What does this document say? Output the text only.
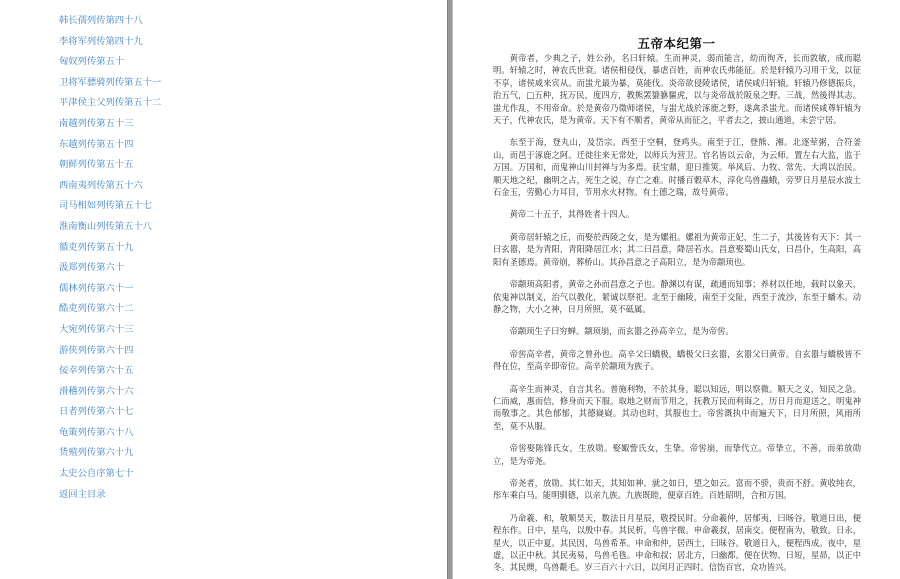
韩长孺列传第四十八
李将军列传第四十九
匈奴列传第五十
卫将军骠骑列传第五十一
平津侯主父列传第五十二
南越列传第五十三
东越列传第五十四
朝鲜列传第五十五
西南夷列传第五十六
司马相如列传第五十七
淮南衡山列传第五十八
循吏列传第五十九
汲郑列传第六十
儒林列传第六十一
酷吏列传第六十二
大宛列传第六十三
游侠列传第六十四
佞幸列传第六十五
滑稽列传第六十六
日者列传第六十七
龟策列传第六十八
货殖列传第六十九
太史公自序第七十
返回主目录
五帝本纪第一

黄帝者，少典之子，姓公孙，名曰轩辕。生而神灵，弱而能言，幼而徇齐，长而敦敏，成而聪明。轩辕之时，神农氏世衰。诸侯相侵伐，暴虐百姓，而神农氏弗能征。於是轩辕乃习用干戈，以征不享，诸侯咸来宾从。而蚩尤最为暴，莫能伐。炎帝欲侵陵诸侯，诸侯咸归轩辕。轩辕乃修德振兵，治五气，□五种，抚万民，度四方，教熊罴貔貅貙虎，以与炎帝战於阪泉之野。三战，然後得其志。蚩尤作乱，不用帝命。於是黄帝乃徵师诸侯，与蚩尤战於涿鹿之野，遂禽杀蚩尤。而诸侯咸尊轩辕为天子，代神农氏，是为黄帝。天下有不顺者，黄帝从而征之，平者去之，披山通道，未尝宁居。

东至于海，登丸山，及岱宗。西至于空桐，登鸡头。南至于江，登熊、湘。北逐荤粥，合符釜山，而邑于涿鹿之阿。迁徙往来无常处，以师兵为营卫。官名皆以云命，为云师。置左右大监，监于万国。万国和，而鬼神山川封禅与为多焉。获宝鼎，迎日推筴。举风后、力牧、常先、大鸿以治民。顺天地之纪，幽明之占，死生之说，存亡之难。时播百穀草木，淳化鸟兽蟲蛾，旁罗日月星辰水波土石金玉，劳勤心力耳目，节用水火材物。有土德之瑞，故号黄帝。

黄帝二十五子，其得姓者十四人。

黄帝居轩辕之丘，而娶於西陵之女，是为嫘祖。嫘祖为黄帝正妃，生二子，其後皆有天下：其一曰玄嚣，是为青阳，青阳降居江水；其二曰昌意，降居若水。昌意娶蜀山氏女，曰昌仆，生高阳，高阳有圣德焉。黄帝崩，葬桥山。其孙昌意之子高阳立，是为帝颛顼也。

帝颛顼高阳者，黄帝之孙而昌意之子也。静渊以有谋，疏通而知事；养材以任地，载时以象天，依鬼神以制义，治气以教化，絜诚以祭祀。北至于幽陵，南至于交阯，西至于流沙，东至于蟠木。动静之物，大小之神，日月所照，莫不砥属。

帝颛顼生子曰穷蝉。颛顼崩，而玄嚣之孙高辛立，是为帝喾。

帝喾高辛者，黄帝之曾孙也。高辛父曰蟜极，蟜极父曰玄嚣，玄嚣父曰黄帝。自玄嚣与蟜极皆不得在位，至高辛即帝位。高辛於颛顼为族子。

高辛生而神灵，自言其名。普施利物，不於其身。聪以知远，明以察微。顺天之义，知民之急。仁而威，惠而信，修身而天下服。取地之财而节用之，抚教万民而利诲之，历日月而迎送之，明鬼神而敬事之。其色郁郁，其德嶷嶷。其动也时，其服也士。帝喾溉执中而遍天下，日月所照，风雨所至，莫不从服。

帝喾娶陈锋氏女，生放勋。娶娵訾氏女，生挚。帝喾崩，而挚代立。帝挚立，不善，而弟放勋立，是为帝尧。

帝尧者，放勋。其仁如天，其知如神。就之如日，望之如云。富而不骄，贵而不舒。黄收纯衣，彤车乘白马。能明驯德，以亲九族。九族既睦，便章百姓。百姓昭明，合和万国。

乃命羲、和，敬顺昊天，数法日月星辰，敬授民时。分命羲仲，居郁夷，曰旸谷。敬道日出，便程东作。日中，星鸟，以殷中春。其民析，鸟兽字微。申命羲叔，居南交。便程南为，敬致。日永，星火，以正中夏。其民因，鸟兽希革。申命和仲，居西土，曰昧谷。敬道日入，便程西成。夜中，星虚，以正中秋。其民夷易，鸟兽毛毨。申命和叔；居北方，曰幽都。便在伏物。日短，星昴，以正中冬。其民燠，鸟兽氄毛。岁三百六十六日，以闰月正四时。信饬百官，众功皆兴。
